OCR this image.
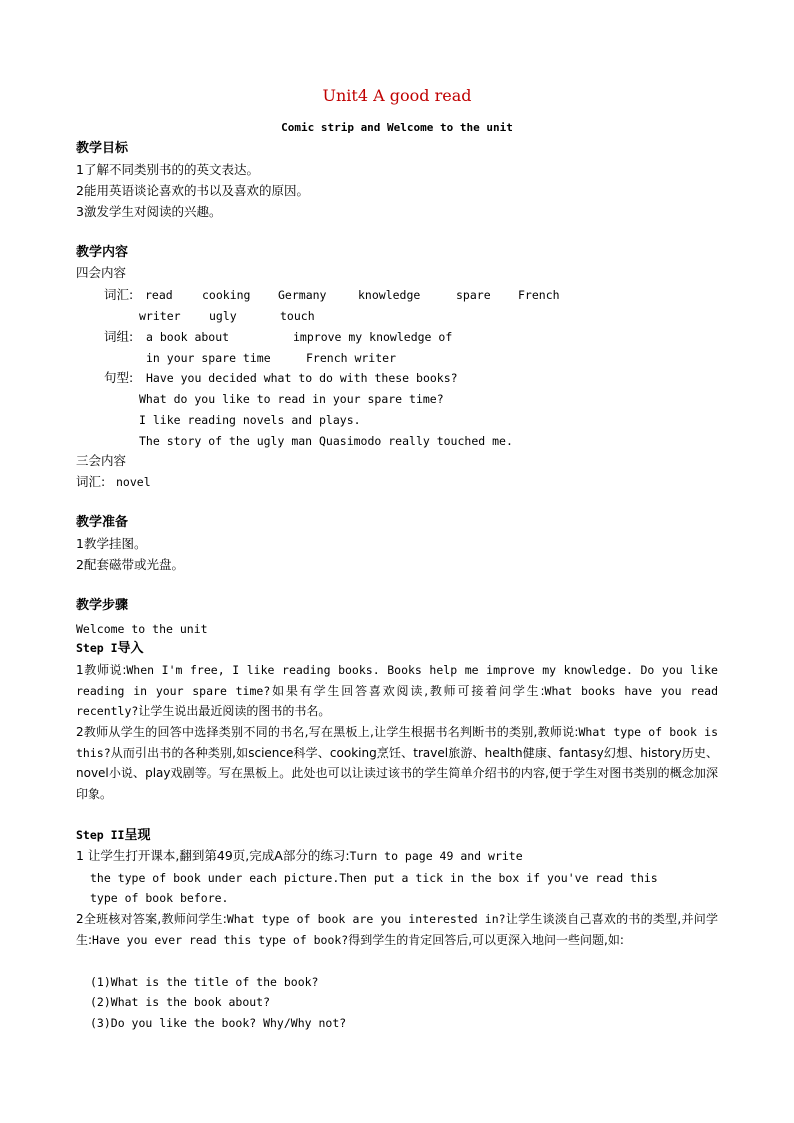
Unit4 A good read
Comic strip and Welcome to the unit
教学目标
1了解不同类别书的的英文表达。
2能用英语谈论喜欢的书以及喜欢的原因。
3激发学生对阅读的兴趣。
教学内容
四会内容
词汇: read	cooking Germany	knowledge	spare French
writer ugly	touch
词组: a book about	improve my knowledge of
in your spare time	French writer
句型: Have you decided what to do with these books?
What do you like to read in your spare time?
I like reading novels and plays.
The story of the ugly man Quasimodo really touched me.
三会内容
词汇: novel
教学准备
1教学挂图。
2配套磁带或光盘。
教学步骤
Welcome to the unit
Step I导入
1教师说:When I'm free, I like reading books. Books help me improve my knowledge. Do you like reading in your spare time?如果有学生回答喜欢阅读,教师可接着问学生:What books have you read recently?让学生说出最近阅读的图书的书名。
2教师从学生的回答中选择类别不同的书名,写在黑板上,让学生根据书名判断书的类别,教师说:What type of book is this?从而引出书的各种类别,如science科学、cooking烹饪、travel旅游、health健康、fantasy幻想、history历史、novel小说、play戏剧等。写在黑板上。此处也可以让读过该书的学生简单介绍书的内容,便于学生对图书类别的概念加深印象。
Step II呈现
1 让学生打开课本,翻到第49页,完成A部分的练习:Turn to page 49 and write
the type of book under each picture.Then put a tick in the box if you've read this
type of book before.
2全班核对答案,教师问学生:What type of book are you interested in?让学生谈淡自己喜欢的书的类型,并问学生:Have you ever read this type of book?得到学生的肯定回答后,可以更深入地问一些问题,如:
(1)What is the title of the book?
(2)What is the book about?
(3)Do you like the book? Why/Why not?
